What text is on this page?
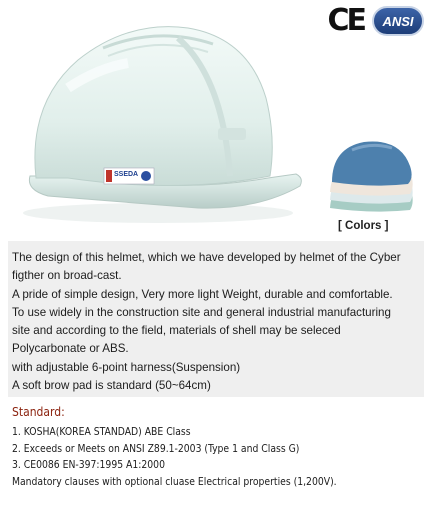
SSEDA
CE	ANSI
[ Colors ]
The design of this helmet, which we have developed by helmet of the Cyber
figther on broad-cast.
A pride of simple design, Very more light Weight, durable and comfortable.
To use widely in the construction site and general industrial manufacturing
site and according to the field, materials of shell may be seleced
Polycarbonate or ABS.
with adjustable 6-point harness(Suspension)
A soft brow pad is standard (50~64cm)
Standard:
1. KOSHA(KOREA STANDAD) ABE Class
2. Exceeds or Meets on ANSI Z89.1-2003 (Type 1 and Class G)
3. CE0086 EN-397:1995 A1:2000
Mandatory clauses with optional cluase Electrical properties (1,200V).
